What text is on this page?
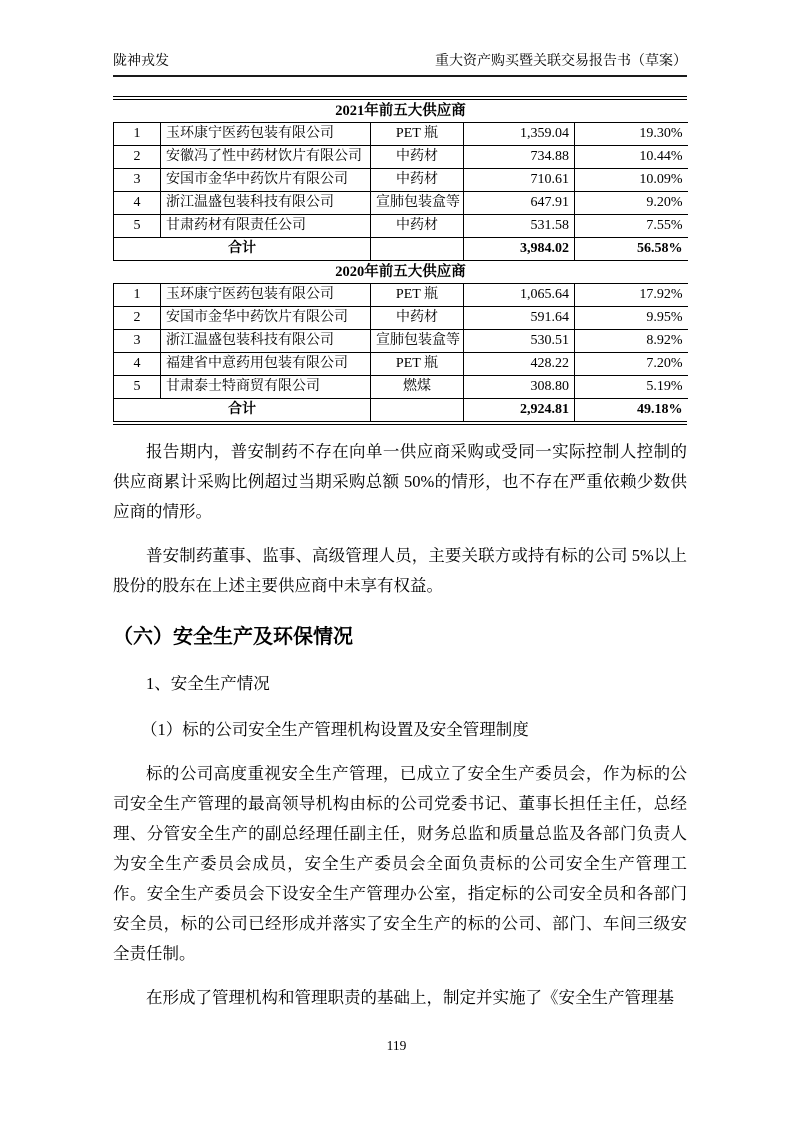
陇神戎发	重大资产购买暨关联交易报告书（草案）
2021年前五大供应商				
1	玉环康宁医药包装有限公司	PET 瓶	1,359.04	19.30%
2	安徽冯了性中药材饮片有限公司	中药材	734.88	10.44%
3	安国市金华中药饮片有限公司	中药材	710.61	10.09%
4	浙江温盛包装科技有限公司	宣肺包装盒等	647.91	9.20%
5	甘肃药材有限责任公司	中药材	531.58	7.55%
合计			3,984.02	56.58%
2020年前五大供应商				
1	玉环康宁医药包装有限公司	PET 瓶	1,065.64	17.92%
2	安国市金华中药饮片有限公司	中药材	591.64	9.95%
3	浙江温盛包装科技有限公司	宣肺包装盒等	530.51	8.92%
4	福建省中意药用包装有限公司	PET 瓶	428.22	7.20%
5	甘肃泰士特商贸有限公司	燃煤	308.80	5.19%
合计			2,924.81	49.18%

报告期内，普安制药不存在向单一供应商采购或受同一实际控制人控制的供应商累计采购比例超过当期采购总额 50%的情形，也不存在严重依赖少数供应商的情形。

普安制药董事、监事、高级管理人员，主要关联方或持有标的公司 5%以上股份的股东在上述主要供应商中未享有权益。

（六）安全生产及环保情况

1、安全生产情况

（1）标的公司安全生产管理机构设置及安全管理制度

标的公司高度重视安全生产管理，已成立了安全生产委员会，作为标的公司安全生产管理的最高领导机构由标的公司党委书记、董事长担任主任，总经理、分管安全生产的副总经理任副主任，财务总监和质量总监及各部门负责人为安全生产委员会成员，安全生产委员会全面负责标的公司安全生产管理工作。安全生产委员会下设安全生产管理办公室，指定标的公司安全员和各部门安全员，标的公司已经形成并落实了安全生产的标的公司、部门、车间三级安全责任制。

在形成了管理机构和管理职责的基础上，制定并实施了《安全生产管理基

119
